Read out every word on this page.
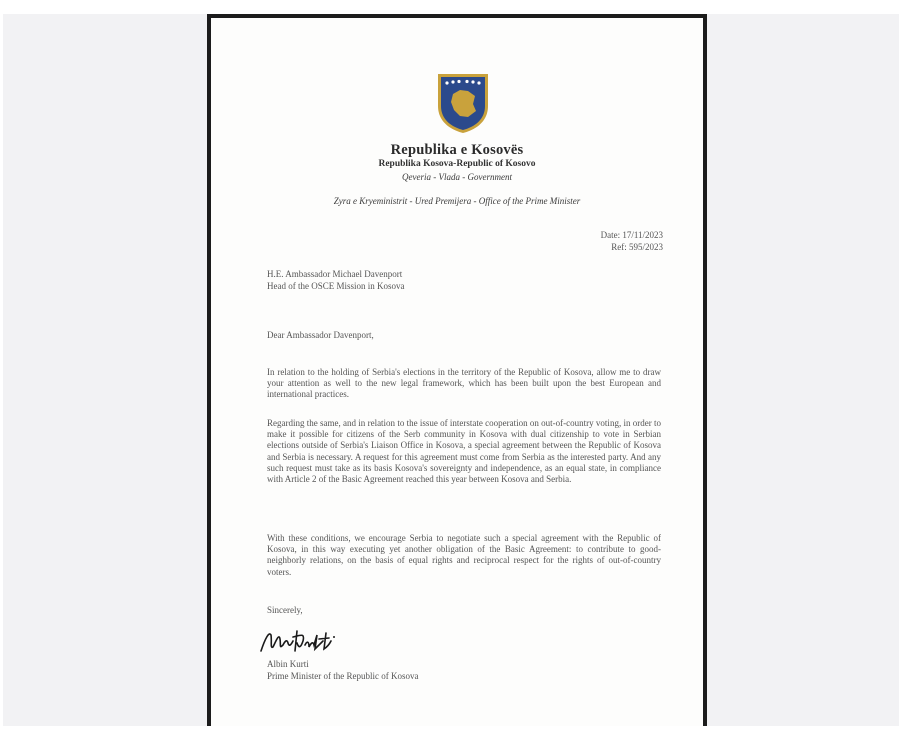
Republika e Kosovës
Republika Kosova-Republic of Kosovo
Qeveria - Vlada - Government
Zyra e Kryeministrit - Ured Premijera - Office of the Prime Minister
Date: 17/11/2023
Ref: 595/2023
H.E. Ambassador Michael Davenport
Head of the OSCE Mission in Kosova
Dear Ambassador Davenport,
In relation to the holding of Serbia's elections in the territory of the Republic of Kosova, allow me to draw your attention as well to the new legal framework, which has been built upon the best European and international practices.
Regarding the same, and in relation to the issue of interstate cooperation on out-of-country voting, in order to make it possible for citizens of the Serb community in Kosova with dual citizenship to vote in Serbian elections outside of Serbia's Liaison Office in Kosova, a special agreement between the Republic of Kosova and Serbia is necessary. A request for this agreement must come from Serbia as the interested party. And any such request must take as its basis Kosova's sovereignty and independence, as an equal state, in compliance with Article 2 of the Basic Agreement reached this year between Kosova and Serbia.
With these conditions, we encourage Serbia to negotiate such a special agreement with the Republic of Kosova, in this way executing yet another obligation of the Basic Agreement: to contribute to good-neighborly relations, on the basis of equal rights and reciprocal respect for the rights of out-of-country voters.
Sincerely,
Albin Kurti
Prime Minister of the Republic of Kosova
